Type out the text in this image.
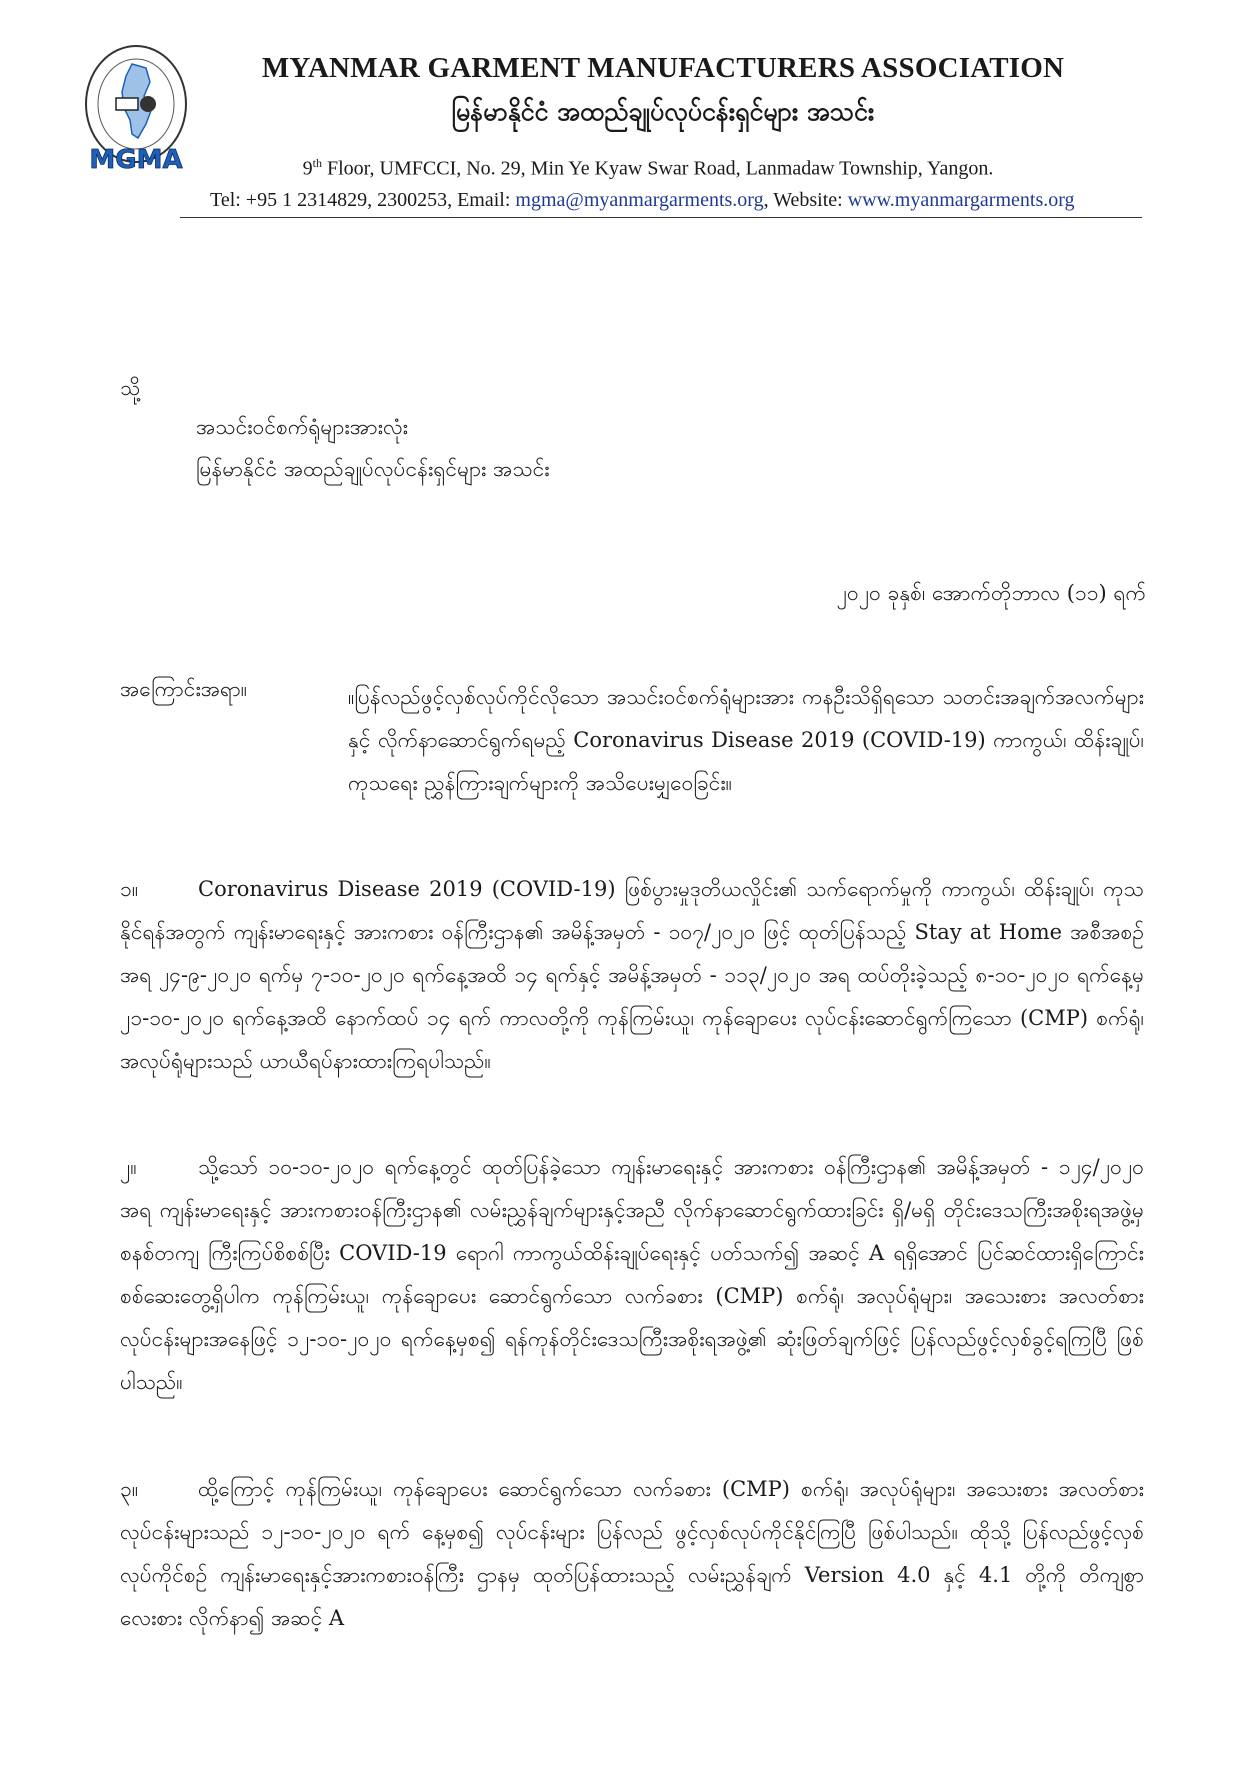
MGMA
MYANMAR GARMENT MANUFACTURERS ASSOCIATION
မြန်မာနိုင်ငံ အထည်ချုပ်လုပ်ငန်းရှင်များ အသင်း
9th Floor, UMFCCI, No. 29, Min Ye Kyaw Swar Road, Lanmadaw Township, Yangon.
Tel: +95 1 2314829, 2300253, Email: mgma@myanmargarments.org, Website: www.myanmargarments.org
သို့
အသင်းဝင်စက်ရုံများအားလုံး
မြန်မာနိုင်ငံ အထည်ချုပ်လုပ်ငန်းရှင်များ အသင်း
၂၀၂၀ ခုနှစ်၊ အောက်တိုဘာလ (၁၁) ရက်
အကြောင်းအရာ။	။ပြန်လည်ဖွင့်လှစ်လုပ်ကိုင်လိုသော အသင်းဝင်စက်ရုံများအား ကနဦးသိရှိရသော သတင်းအချက်အလက်များနှင့် လိုက်နာဆောင်ရွက်ရမည့် Coronavirus Disease 2019 (COVID-19) ကာကွယ်၊ ထိန်းချုပ်၊ ကုသရေး ညွှန်ကြားချက်များကို အသိပေးမျှဝေခြင်း။
၁။	Coronavirus Disease 2019 (COVID-19) ဖြစ်ပွားမှုဒုတိယလှိုင်း၏ သက်ရောက်မှုကို ကာကွယ်၊ ထိန်းချုပ်၊ ကုသနိုင်ရန်အတွက် ကျန်းမာရေးနှင့် အားကစား ဝန်ကြီးဌာန၏ အမိန့်အမှတ် - ၁၀၇/၂၀၂၀ ဖြင့် ထုတ်ပြန်သည့် Stay at Home အစီအစဉ်အရ ၂၄-၉-၂၀၂၀ ရက်မှ ၇-၁၀-၂၀၂၀ ရက်နေ့အထိ ၁၄ ရက်နှင့် အမိန့်အမှတ် - ၁၁၃/၂၀၂၀ အရ ထပ်တိုးခဲ့သည့် ၈-၁၀-၂၀၂၀ ရက်နေ့မှ ၂၁-၁၀-၂၀၂၀ ရက်နေ့အထိ နောက်ထပ် ၁၄ ရက် ကာလတို့ကို ကုန်ကြမ်းယူ၊ ကုန်ချောပေး လုပ်ငန်းဆောင်ရွက်ကြသော (CMP) စက်ရုံ၊ အလုပ်ရုံများသည် ယာယီရပ်နားထားကြရပါသည်။
၂။	သို့သော် ၁၀-၁၀-၂၀၂၀ ရက်နေ့တွင် ထုတ်ပြန်ခဲ့သော ကျန်းမာရေးနှင့် အားကစား ဝန်ကြီးဌာန၏ အမိန့်အမှတ် - ၁၂၄/၂၀၂၀ အရ ကျန်းမာရေးနှင့် အားကစားဝန်ကြီးဌာန၏ လမ်းညွှန်ချက်များနှင့်အညီ လိုက်နာဆောင်ရွက်ထားခြင်း ရှိ/မရှိ တိုင်းဒေသကြီးအစိုးရအဖွဲ့မှ စနစ်တကျ ကြီးကြပ်စိစစ်ပြီး COVID-19 ရောဂါ ကာကွယ်ထိန်းချုပ်ရေးနှင့် ပတ်သက်၍ အဆင့် A ရရှိအောင် ပြင်ဆင်ထားရှိကြောင်း စစ်ဆေးတွေ့ရှိပါက ကုန်ကြမ်းယူ၊ ကုန်ချောပေး ဆောင်ရွက်သော လက်ခစား (CMP) စက်ရုံ၊ အလုပ်ရုံများ၊ အသေးစား အလတ်စားလုပ်ငန်းများအနေဖြင့် ၁၂-၁၀-၂၀၂၀ ရက်နေ့မှစ၍ ရန်ကုန်တိုင်းဒေသကြီးအစိုးရအဖွဲ့၏ ဆုံးဖြတ်ချက်ဖြင့် ပြန်လည်ဖွင့်လှစ်ခွင့်ရကြပြီ ဖြစ်ပါသည်။
၃။	ထို့ကြောင့် ကုန်ကြမ်းယူ၊ ကုန်ချောပေး ဆောင်ရွက်သော လက်ခစား (CMP) စက်ရုံ၊ အလုပ်ရုံများ၊ အသေးစား အလတ်စားလုပ်ငန်းများသည် ၁၂-၁၀-၂၀၂၀ ရက် နေ့မှစ၍ လုပ်ငန်းများ ပြန်လည် ဖွင့်လှစ်လုပ်ကိုင်နိုင်ကြပြီ ဖြစ်ပါသည်။ ထိုသို့ ပြန်လည်ဖွင့်လှစ်လုပ်ကိုင်စဉ် ကျန်းမာရေးနှင့်အားကစားဝန်ကြီး ဌာနမှ ထုတ်ပြန်ထားသည့် လမ်းညွှန်ချက် Version 4.0 နှင့် 4.1 တို့ကို တိကျစွာ လေးစား လိုက်နာ၍ အဆင့် A
